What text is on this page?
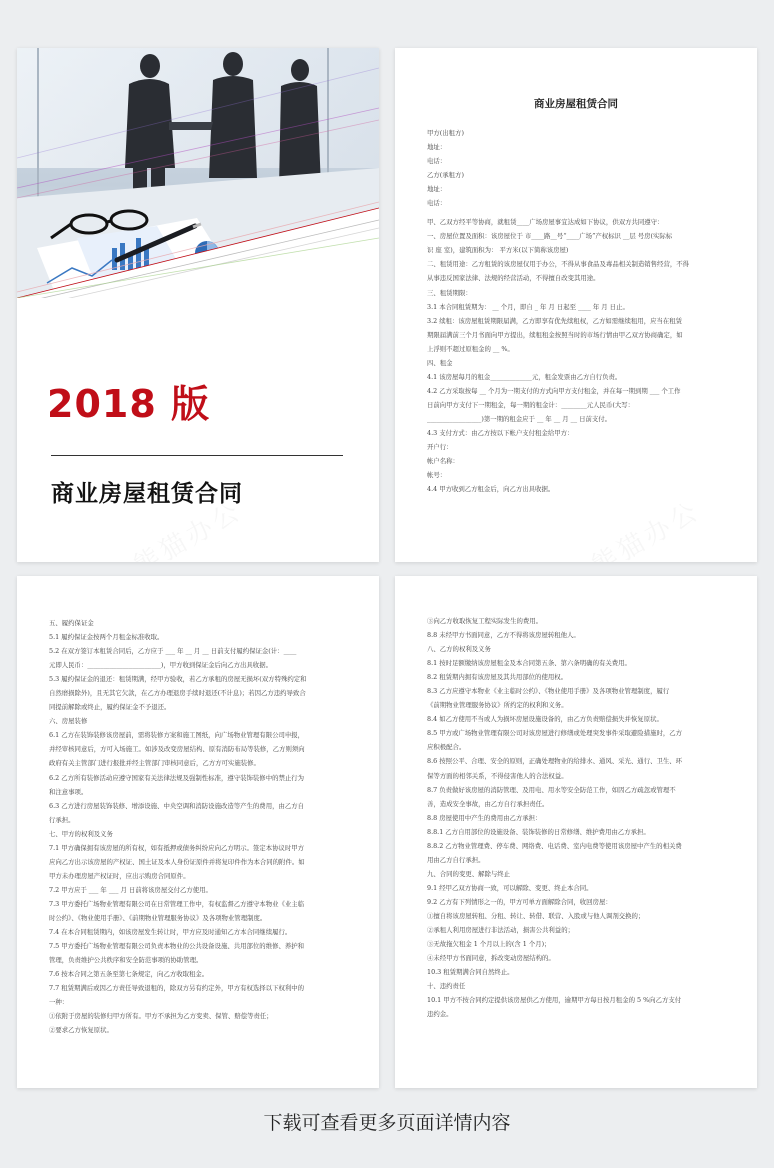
2018 版
商业房屋租赁合同
商业房屋租赁合同
甲方(出租方)
地址：
电话：
乙方(承租方)
地址：
电话：
甲、乙双方经平等协商，就租赁____广场房屋事宜达成如下协议，供双方共同遵守：
一、房屋位置及面积：该房屋位于 市____路__号“____广场”产权标识 __层 号房(实际标
识 座 室)，建筑面积为： 平方米(以下简称该房屋)
二、租赁用途：乙方租赁的该房屋仅用于办公，不得从事食品及毒品相关制造销售经营，不得
从事违反国家法律、法规的经营活动，不得擅自改变其用途。
三、租赁期限：
3.1 本合同租赁期为： __ 个月，即自 _ 年 月 日起至 ____ 年 月 日止。
3.2 续租：该房屋租赁期限届满，乙方即享有优先续租权，乙方如需继续租用，应当在租赁
期限届满前三个月书面向甲方提出，续租租金按照当时的市场行情由甲乙双方协商确定，如
上浮则不超过原租金的 __ %。
四、租金
4.1 该房屋每月的租金_____________元，租金发票由乙方自行负责。
4.2 乙方采取按每 __ 个月为一期支付的方式向甲方支付租金，并在每一期到期 ___ 个工作
日前向甲方支付下一期租金，每一期的租金计：________元人民币(大写：
_________________)第一期的租金应于 __ 年 __ 月 __ 日前支付。
4.3 支付方式：由乙方按以下帐户支付租金给甲方：
开户行：
帐户名称：
帐号：
4.4 甲方收到乙方租金后，向乙方出具收据。
五、履约保证金
5.1 履约保证金按两个月租金标准收取。
5.2 在双方签订本租赁合同后，乙方应于 ___ 年 __ 月 __ 日前支付履约保证金(计：____
元即人民币：_______________________)，甲方收到保证金后向乙方出具收据。
5.3 履约保证金的退还：租赁期满，经甲方验收，若乙方承租的房屋无损坏(双方特殊约定和
自然磨损除外)，且无其它欠款，在乙方办理退房手续时退还(不计息)；若因乙方违约导致合
同提前解除或终止，履约保证金不予退还。
六、房屋装修
6.1 乙方在装饰装修该房屋前，需将装修方案和施工图纸，向广场物业管理有限公司申报，
并经审核同意后，方可入场施工。如涉及改变房屋结构、原有消防布局等装修，乙方则须向
政府有关主管部门进行报批并经主管部门审核同意后，乙方方可实施装修。
6.2 乙方所有装修活动应遵守国家有关法律法规及强制性标准，遵守装饰装修中的禁止行为
和注意事项。
6.3 乙方进行房屋装饰装修、增添设施、中央空调和消防设施改造等产生的费用，由乙方自
行承担。
七、甲方的权利及义务
7.1 甲方确保拥有该房屋的所有权，如有抵押或债务纠纷应向乙方明示。签定本协议时甲方
应向乙方出示该房屋的产权证、国土证及本人身份证原件并将复印件作为本合同的附件。如
甲方未办理房屋产权证时，应出示购房合同原件。
7.2 甲方应于 ___ 年 ___ 月 日前将该房屋交付乙方使用。
7.3 甲方委托广场物业管理有限公司在日常管理工作中，有权监督乙方遵守本物业《业主临
时公约》、《物业使用手册》、《前期物业管理服务协议》及各项物业管理制度。
7.4 在本合同租赁期内，如该房屋发生转让时，甲方应及时通知乙方本合同继续履行。
7.5 甲方委托广场物业管理有限公司负责本物业的公共设备设施、共用部位的维修、养护和
管理，负责维护公共秩序和安全防范事项的协助管理。
7.6 按本合同之第五条至第七条规定，向乙方收取租金。
7.7 租赁期满后或因乙方责任导致退租的，除双方另有约定外，甲方有权选择以下权利中的
一种：
①依附于房屋的装修归甲方所有。甲方不承担为乙方变卖、保管、赔偿等责任；
②要求乙方恢复原状。
③向乙方收取恢复工程实际发生的费用。
8.8 未经甲方书面同意，乙方不得将该房屋转租他人。
八、乙方的权利及义务
8.1 按时足额缴纳该房屋租金及本合同第五条、第六条明确的有关费用。
8.2 租赁期内拥有该房屋及其共用部位的使用权。
8.3 乙方应遵守本物业《业主临时公约》、《物业使用手册》及各项物业管理制度，履行
《前期物业管理服务协议》所约定的权利和义务。
8.4 如乙方使用不当或人为损坏房屋设施设备的，由乙方负责赔偿损失并恢复原状。
8.5 甲方或广场物业管理有限公司对该房屋进行修缮或处理突发事件采取避险措施时，乙方
应积极配合。
8.6 按照公平、合理、安全的原则，正确处理物业的给排水、通风、采光、通行、卫生、环
保等方面的相邻关系，不得侵害他人的合法权益。
8.7 负责做好该房屋的消防管理、及用电、用水等安全防范工作，如因乙方疏忽或管理不
善，造成安全事故，由乙方自行承担责任。
8.8 房屋使用中产生的费用由乙方承担：
8.8.1 乙方自用部位的设施设备、装饰装修的日常修缮、维护费用由乙方承担。
8.8.2 乙方物业管理费、停车费、网络费、电话费、室内电费等使用该房屋中产生的相关费
用由乙方自行承担。
九、合同的变更、解除与终止
9.1 经甲乙双方协商一致，可以解除、变更、终止本合同。
9.2 乙方有下列情形之一的，甲方可单方面解除合同，收回房屋：
①擅自将该房屋转租、分租、转让、转借、联营、入股或与他人调剂交换的；
②承租人利用房屋进行非法活动，损害公共利益的；
③无故拖欠租金 1 个月以上的(含 1 个月)；
④未经甲方书面同意，拆改变动房屋结构的。
10.3 租赁期满合同自然终止。
十、违约责任
10.1 甲方不按合同约定提供该房屋供乙方使用，逾期甲方每日按月租金的 5 %向乙方支付
违约金。
下载可查看更多页面详情内容
